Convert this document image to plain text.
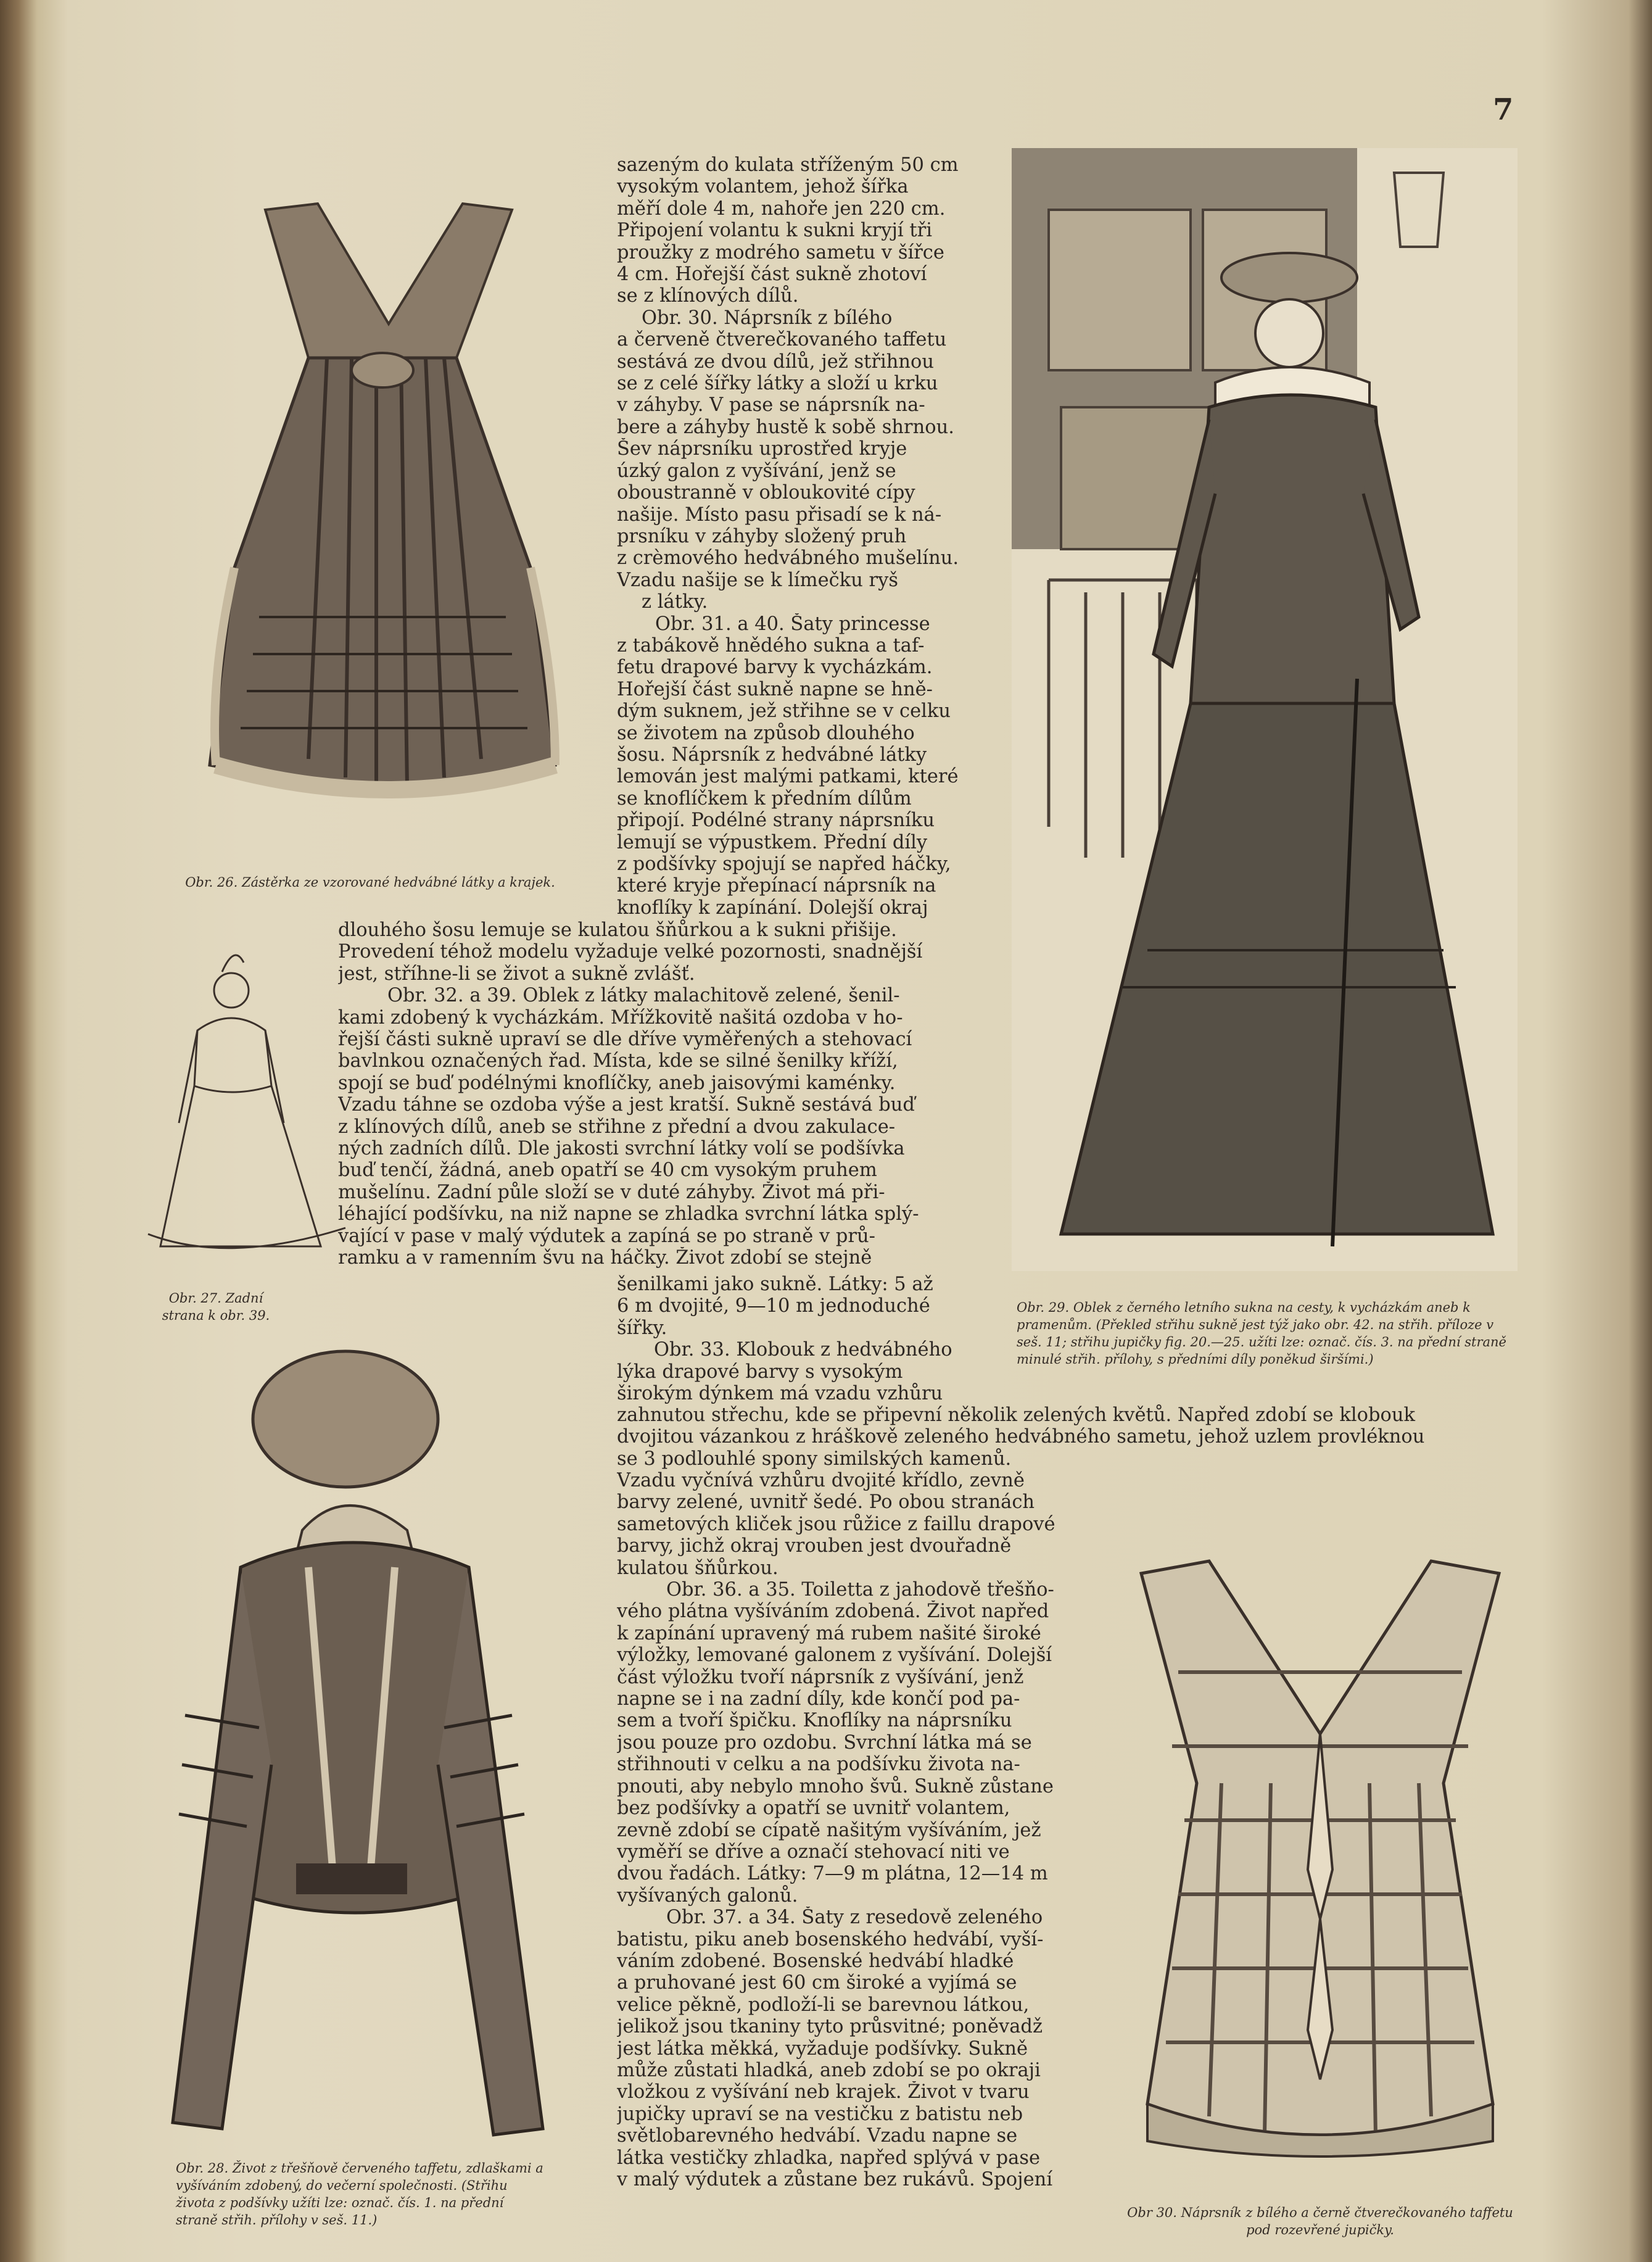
7
Obr. 26. Zástěrka ze vzorované hedvábné látky a krajek.
Obr. 27. Zadní strana k obr. 39.
Obr. 28. Život z třešňově červeného taffetu, zdlaškami a vyšíváním zdobený, do večerní společnosti. (Střihu života z podšívky užíti lze: označ. čís. 1. na přední straně střih. přílohy v seš. 11.)
Obr. 29. Oblek z černého letního sukna na cesty, k vycházkám aneb k pramenům. (Překled střihu sukně jest týž jako obr. 42. na střih. příloze v seš. 11; střihu jupičky fig. 20.—25. užíti lze: označ. čís. 3. na přední straně minulé střih. přílohy, s předními díly poněkud širšími.)
Obr 30. Náprsník z bílého a černě čtverečkovaného taffetu pod rozevřené jupičky.
sazeným do kulata stříženým 50 cm
vysokým volantem, jehož šířka
měří dole 4 m, nahoře jen 220 cm.
Připojení volantu k sukni kryjí tři
proužky z modrého sametu v šířce
4 cm. Hořejší část sukně zhotoví
se z klínových dílů.
Obr. 30. Náprsník z bílého
a červeně čtverečkovaného taffetu
sestává ze dvou dílů, jež střihnou
se z celé šířky látky a složí u krku
v záhyby. V pase se náprsník na-
bere a záhyby hustě k sobě shrnou.
Šev náprsníku uprostřed kryje
úzký galon z vyšívání, jenž se
oboustranně v obloukovité cípy
našije. Místo pasu přisadí se k ná-
prsníku v záhyby složený pruh
z crèmového hedvábného mušelínu.
Vzadu našije se k límečku ryš
z látky.
Obr. 31. a 40. Šaty princesse
z tabákově hnědého sukna a taf-
fetu drapové barvy k vycházkám.
Hořejší část sukně napne se hně-
dým suknem, jež střihne se v celku
se životem na způsob dlouhého
šosu. Náprsník z hedvábné látky
lemován jest malými patkami, které
se knoflíčkem k předním dílům
připojí. Podélné strany náprsníku
lemují se výpustkem. Přední díly
z podšívky spojují se napřed háčky,
které kryje přepínací náprsník na
knoflíky k zapínání. Dolejší okraj
dlouhého šosu lemuje se kulatou šňůrkou a k sukni přišije.
Provedení téhož modelu vyžaduje velké pozornosti, snadnější
jest, stříhne-li se život a sukně zvlášť.
Obr. 32. a 39. Oblek z látky malachitově zelené, šenil-
kami zdobený k vycházkám. Mřížkovitě našitá ozdoba v ho-
řejší části sukně upraví se dle dříve vyměřených a stehovací
bavlnkou označených řad. Místa, kde se silné šenilky kříží,
spojí se buď podélnými knoflíčky, aneb jaisovými kaménky.
Vzadu táhne se ozdoba výše a jest kratší. Sukně sestává buď
z klínových dílů, aneb se střihne z přední a dvou zakulace-
ných zadních dílů. Dle jakosti svrchní látky volí se podšívka
buď tenčí, žádná, aneb opatří se 40 cm vysokým pruhem
mušelínu. Zadní půle složí se v duté záhyby. Život má při-
léhající podšívku, na niž napne se zhladka svrchní látka splý-
vající v pase v malý výdutek a zapíná se po straně v prů-
ramku a v ramenním švu na háčky. Život zdobí se stejně
šenilkami jako sukně. Látky: 5 až
6 m dvojité, 9—10 m jednoduché
šířky.
Obr. 33. Klobouk z hedvábného
lýka drapové barvy s vysokým
širokým dýnkem má vzadu vzhůru
zahnutou střechu, kde se připevní několik zelených květů. Napřed zdobí se klobouk
dvojitou vázankou z hráškově zeleného hedvábného sametu, jehož uzlem provléknou
se 3 podlouhlé spony similských kamenů.
Vzadu vyčnívá vzhůru dvojité křídlo, zevně
barvy zelené, uvnitř šedé. Po obou stranách
sametových kliček jsou růžice z faillu drapové
barvy, jichž okraj vrouben jest dvouřadně
kulatou šňůrkou.
Obr. 36. a 35. Toiletta z jahodově třešňo-
vého plátna vyšíváním zdobená. Život napřed
k zapínání upravený má rubem našité široké
výložky, lemované galonem z vyšívání. Dolejší
část výložku tvoří náprsník z vyšívání, jenž
napne se i na zadní díly, kde končí pod pa-
sem a tvoří špičku. Knoflíky na náprsníku
jsou pouze pro ozdobu. Svrchní látka má se
střihnouti v celku a na podšívku života na-
pnouti, aby nebylo mnoho švů. Sukně zůstane
bez podšívky a opatří se uvnitř volantem,
zevně zdobí se cípatě našitým vyšíváním, jež
vyměří se dříve a označí stehovací niti ve
dvou řadách. Látky: 7—9 m plátna, 12—14 m
vyšívaných galonů.
Obr. 37. a 34. Šaty z resedově zeleného
batistu, piku aneb bosenského hedvábí, vyší-
váním zdobené. Bosenské hedvábí hladké
a pruhované jest 60 cm široké a vyjímá se
velice pěkně, podloží-li se barevnou látkou,
jelikož jsou tkaniny tyto průsvitné; poněvadž
jest látka měkká, vyžaduje podšívky. Sukně
může zůstati hladká, aneb zdobí se po okraji
vložkou z vyšívání neb krajek. Život v tvaru
jupičky upraví se na vestičku z batistu neb
světlobarevného hedvábí. Vzadu napne se
látka vestičky zhladka, napřed splývá v pase
v malý výdutek a zůstane bez rukávů. Spojení
